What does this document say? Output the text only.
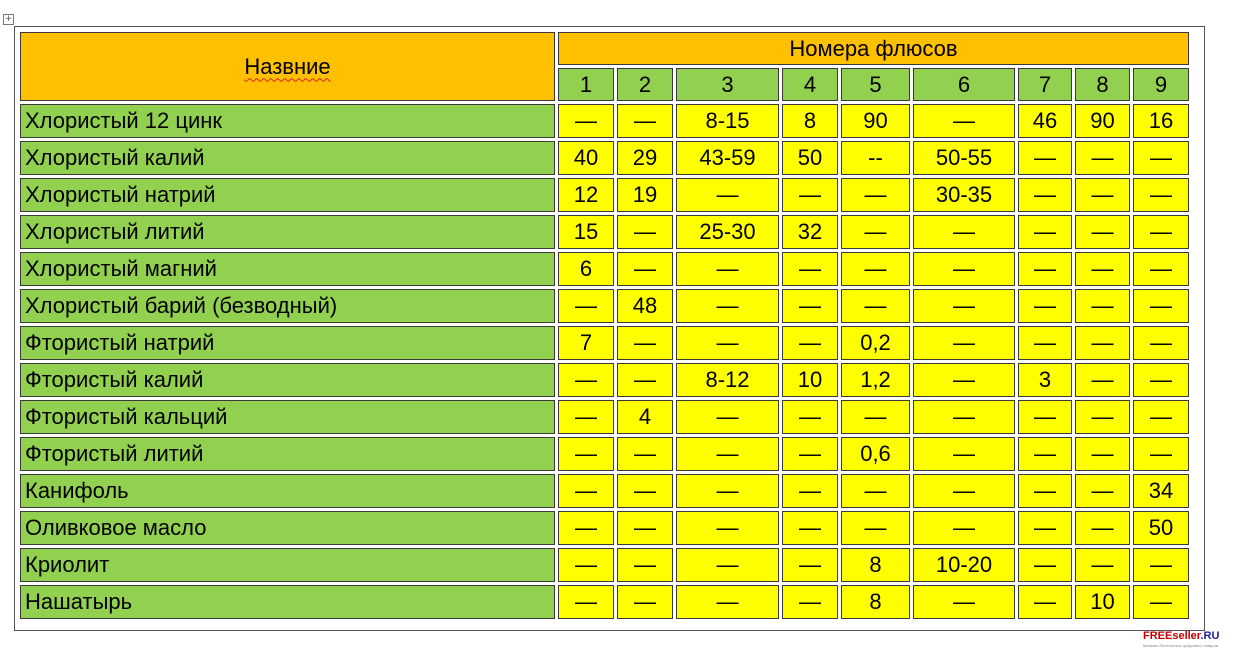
+
Назвние	Номера флюсов								
	1	2	3	4	5	6	7	8	9
Хлористый 12 цинк	—	—	8-15	8	90	—	46	90	16
Хлористый калий	40	29	43-59	50	--	50-55	—	—	—
Хлористый натрий	12	19	—	—	—	30-35	—	—	—
Хлористый литий	15	—	25-30	32	—	—	—	—	—
Хлористый магний	6	—	—	—	—	—	—	—	—
Хлористый барий (безводный)	—	48	—	—	—	—	—	—	—
Фтористый натрий	7	—	—	—	0,2	—	—	—	—
Фтористый калий	—	—	8-12	10	1,2	—	3	—	—
Фтористый кальций	—	4	—	—	—	—	—	—	—
Фтористый литий	—	—	—	—	0,6	—	—	—	—
Канифоль	—	—	—	—	—	—	—	—	34
Оливковое масло	—	—	—	—	—	—	—	—	50
Криолит	—	—	—	—	8	10-20	—	—	—
Нашатырь	—	—	—	—	8	—	—	10	—
FREEseller.RU
Магазин бесплатных цифровых товаров
